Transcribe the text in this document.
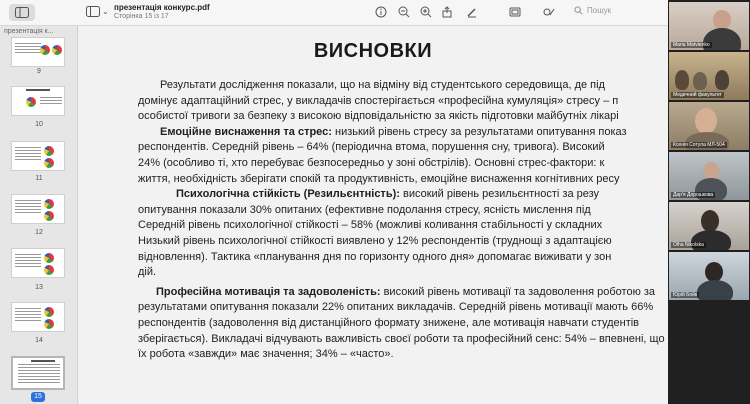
⌄ презентація конкурс.pdf
Сторінка 15 із 17
Пошук
презентація к...
9
10
11
12
13
14
15
ВИСНОВКИ

Результати дослідження показали, що на відміну від студентського середовища, де під

домінує адаптаційний стрес, у викладачів спостерігається «професійна кумуляція» стресу – п

особистої тривоги за безпеку з високою відповідальністю за якість підготовки майбутніх лікарі

Емоційне виснаження та стрес: низький рівень стресу за результатами опитування показ

респондентів. Середній рівень – 64% (періодична втома, порушення сну, тривога). Високий

24% (особливо ті, хто перебуває безпосередньо у зоні обстрілів). Основні стрес-фактори: к

життя, необхідність зберігати спокій та продуктивність, емоційне виснаження когнітивних ресу

Психологічна стійкість (Резильєнтність): високий рівень резильєнтності за резу

опитування показали 30% опитаних (ефективне подолання стресу, ясність мислення під

Середній рівень психологічної стійкості – 58% (можливі коливання стабільності у складних

Низький рівень психологічної стійкості виявлено у 12% респондентів (труднощі з адаптацією

відновлення). Тактика «планування дня по горизонту одного дня» допомагає виживати у зон

дій.

Професійна мотивація та задоволеність: високий рівень мотивації та задоволення роботою за

результатами опитування показали 22% опитаних викладачів. Середній рівень мотивації мають 66%

респондентів (задоволення від дистанційного формату знижене, але мотивація навчати студентів

зберігається). Викладачі відчувають важливість своєї роботи та професійний сенс: 54% – впевнені, що

їх робота «завжди» має значення; 34% – «часто».

Maria Matvienko
Медичний факультет
Ксенія Сотула МЛ-504
Дар'я Дорошкова
Olha Nikolska
Юрій Бойк
